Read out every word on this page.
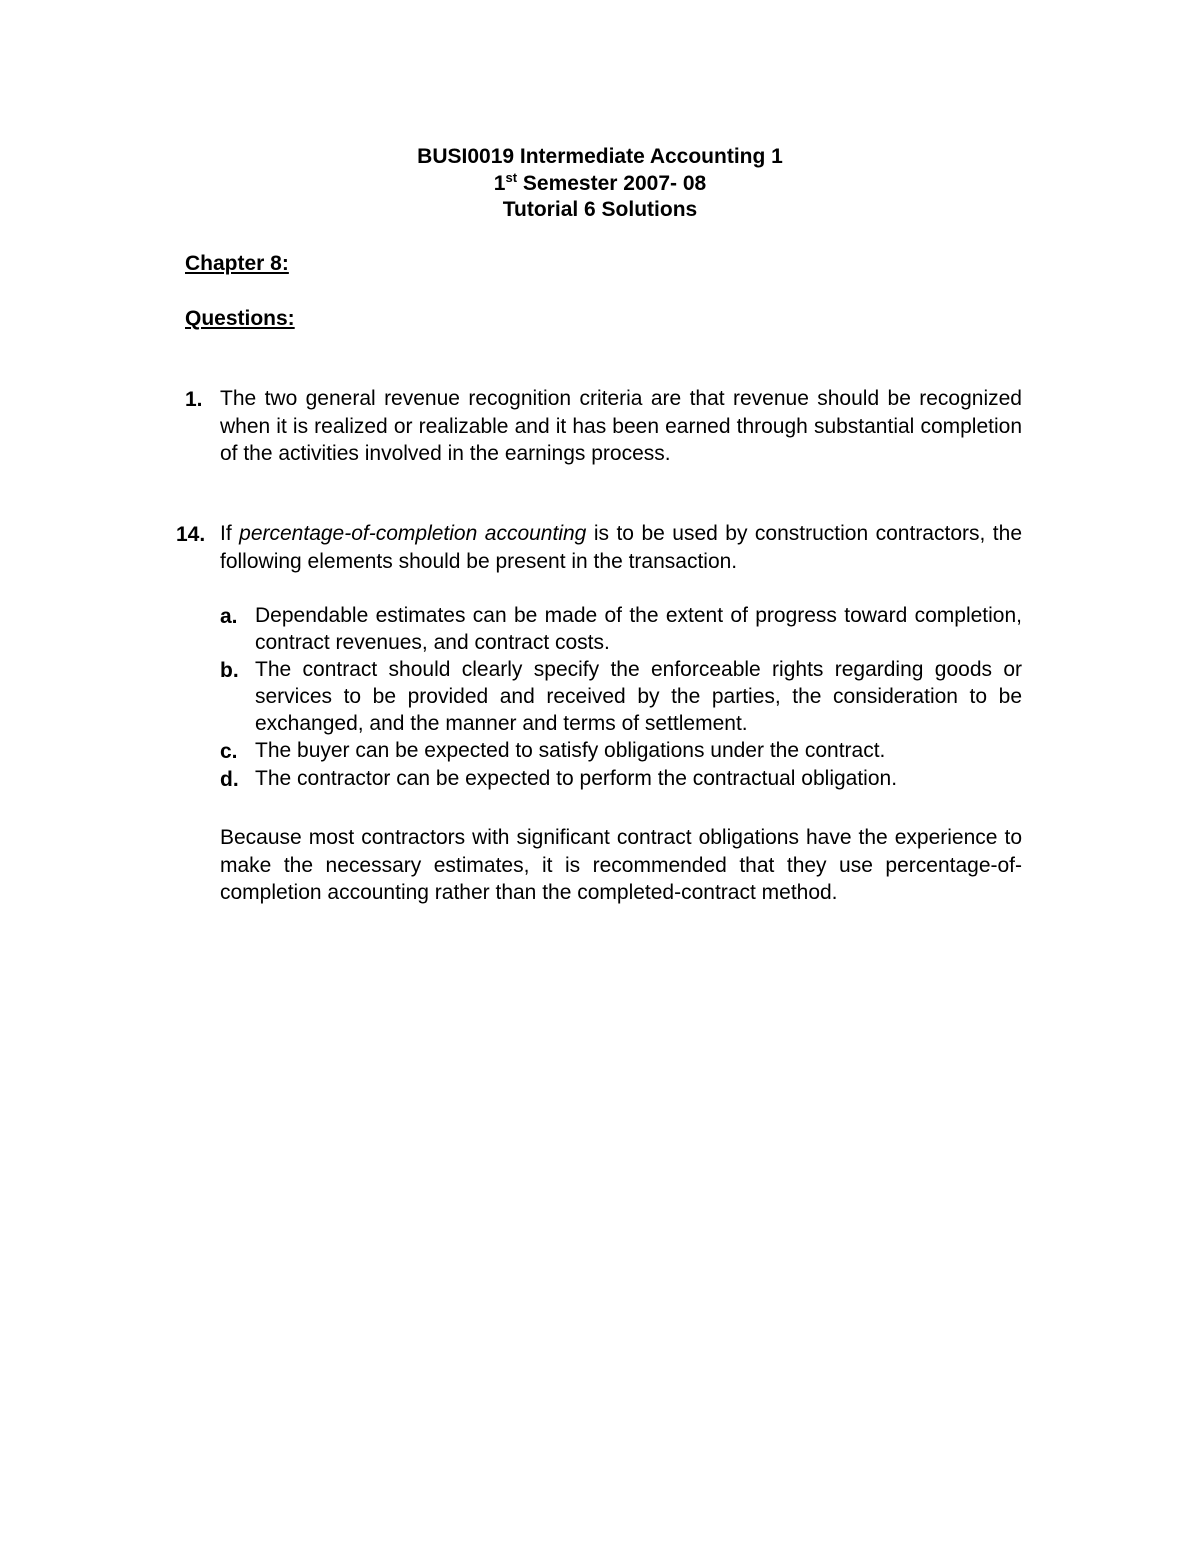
BUSI0019 Intermediate Accounting 1
1st Semester 2007- 08
Tutorial 6 Solutions
Chapter 8:
Questions:
1. The two general revenue recognition criteria are that revenue should be recognized when it is realized or realizable and it has been earned through substantial completion of the activities involved in the earnings process.
14. If percentage-of-completion accounting is to be used by construction contractors, the following elements should be present in the transaction.
a. Dependable estimates can be made of the extent of progress toward completion, contract revenues, and contract costs.
b. The contract should clearly specify the enforceable rights regarding goods or services to be provided and received by the parties, the consideration to be exchanged, and the manner and terms of settlement.
c. The buyer can be expected to satisfy obligations under the contract.
d. The contractor can be expected to perform the contractual obligation.
Because most contractors with significant contract obligations have the experience to make the necessary estimates, it is recommended that they use percentage-of-completion accounting rather than the completed-contract method.
